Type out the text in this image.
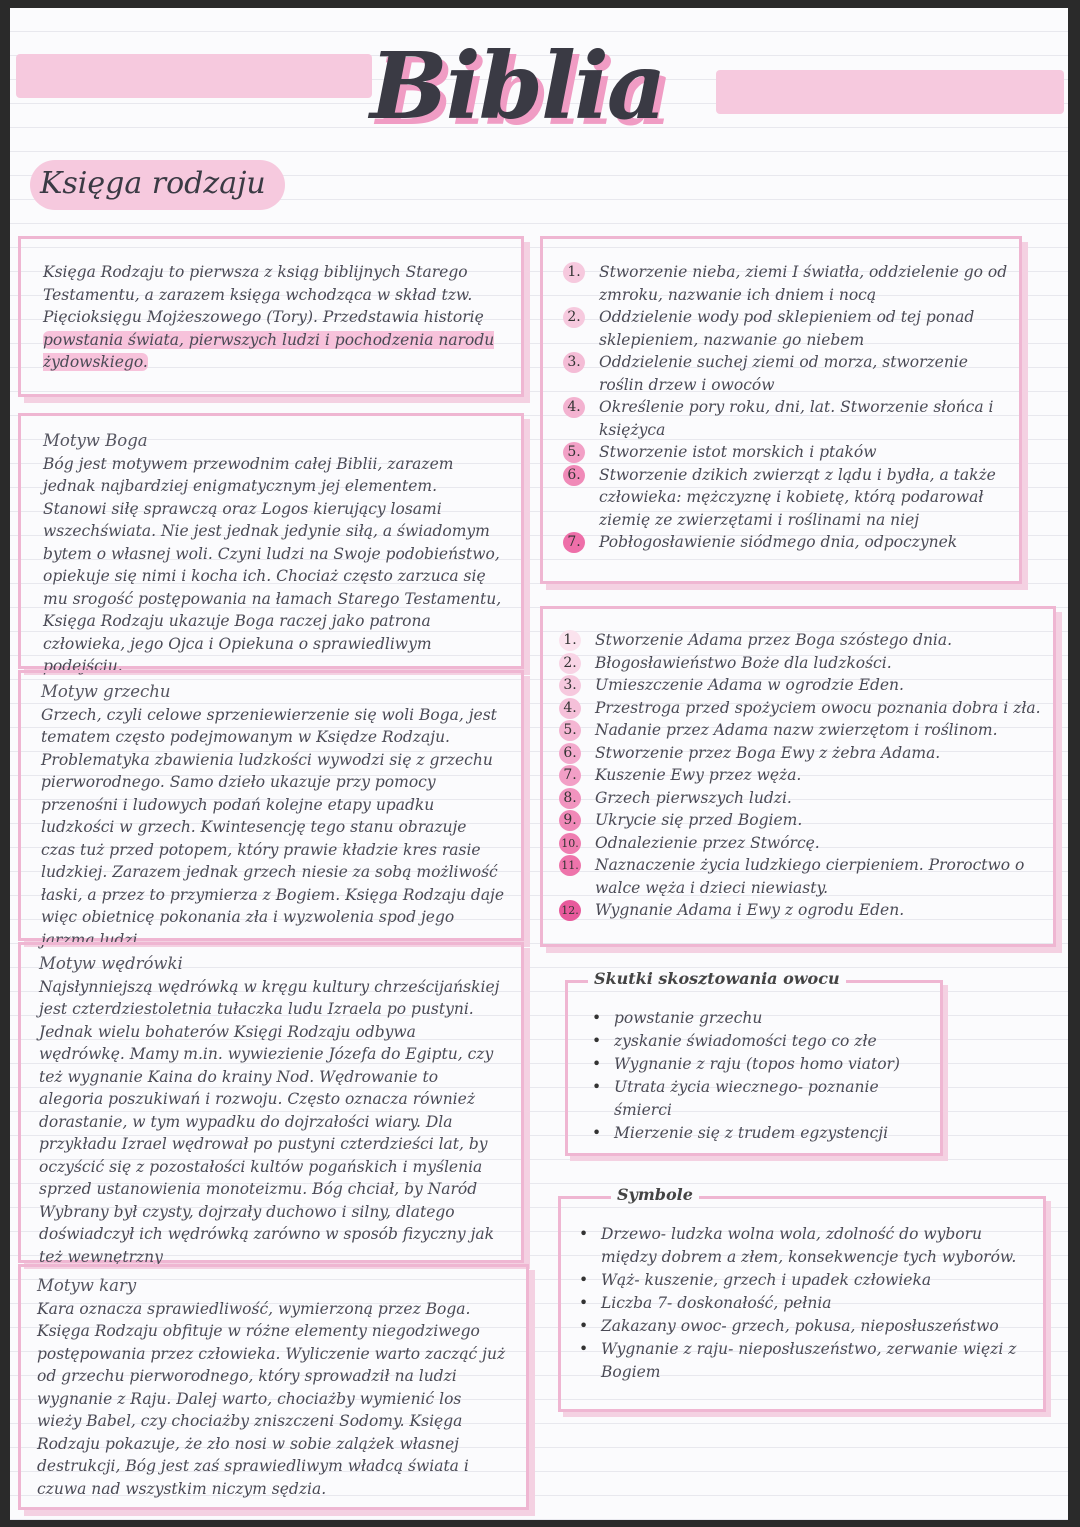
Biblia
Księga rodzaju
Księga Rodzaju to pierwsza z ksiąg biblijnych Starego Testamentu, a zarazem księga wchodząca w skład tzw. Pięcioksięgu Mojżeszowego (Tory). Przedstawia historię powstania świata, pierwszych ludzi i pochodzenia narodu żydowskiego.
Motyw Boga
Bóg jest motywem przewodnim całej Biblii, zarazem jednak najbardziej enigmatycznym jej elementem. Stanowi siłę sprawczą oraz Logos kierujący losami wszechświata. Nie jest jednak jedynie siłą, a świadomym bytem o własnej woli. Czyni ludzi na Swoje podobieństwo, opiekuje się nimi i kocha ich. Chociaż często zarzuca się mu srogość postępowania na łamach Starego Testamentu, Księga Rodzaju ukazuje Boga raczej jako patrona człowieka, jego Ojca i Opiekuna o sprawiedliwym podejściu.
Motyw grzechu
Grzech, czyli celowe sprzeniewierzenie się woli Boga, jest tematem często podejmowanym w Księdze Rodzaju. Problematyka zbawienia ludzkości wywodzi się z grzechu pierworodnego. Samo dzieło ukazuje przy pomocy przenośni i ludowych podań kolejne etapy upadku ludzkości w grzech. Kwintesencję tego stanu obrazuje czas tuż przed potopem, który prawie kładzie kres rasie ludzkiej. Zarazem jednak grzech niesie za sobą możliwość łaski, a przez to przymierza z Bogiem. Księga Rodzaju daje więc obietnicę pokonania zła i wyzwolenia spod jego jarzma ludzi.
Motyw wędrówki
Najsłynniejszą wędrówką w kręgu kultury chrześcijańskiej jest czterdziestoletnia tułaczka ludu Izraela po pustyni. Jednak wielu bohaterów Księgi Rodzaju odbywa wędrówkę. Mamy m.in. wywiezienie Józefa do Egiptu, czy też wygnanie Kaina do krainy Nod. Wędrowanie to alegoria poszukiwań i rozwoju. Często oznacza również dorastanie, w tym wypadku do dojrzałości wiary. Dla przykładu Izrael wędrował po pustyni czterdzieści lat, by oczyścić się z pozostałości kultów pogańskich i myślenia sprzed ustanowienia monoteizmu. Bóg chciał, by Naród Wybrany był czysty, dojrzały duchowo i silny, dlatego doświadczył ich wędrówką zarówno w sposób fizyczny jak też wewnętrzny
Motyw kary
Kara oznacza sprawiedliwość, wymierzoną przez Boga. Księga Rodzaju obfituje w różne elementy niegodziwego postępowania przez człowieka. Wyliczenie warto zacząć już od grzechu pierworodnego, który sprowadził na ludzi wygnanie z Raju. Dalej warto, chociażby wymienić los wieży Babel, czy chociażby zniszczeni Sodomy. Księga Rodzaju pokazuje, że zło nosi w sobie zalążek własnej destrukcji, Bóg jest zaś sprawiedliwym władcą świata i czuwa nad wszystkim niczym sędzia.
1. Stworzenie nieba, ziemi I światła, oddzielenie go od zmroku, nazwanie ich dniem i nocą
2. Oddzielenie wody pod sklepieniem od tej ponad sklepieniem, nazwanie go niebem
3. Oddzielenie suchej ziemi od morza, stworzenie roślin drzew i owoców
4. Określenie pory roku, dni, lat. Stworzenie słońca i księżyca
5. Stworzenie istot morskich i ptaków
6. Stworzenie dzikich zwierząt z lądu i bydła, a także człowieka: mężczyznę i kobietę, którą podarował ziemię ze zwierzętami i roślinami na niej
7. Pobłogosławienie siódmego dnia, odpoczynek
1. Stworzenie Adama przez Boga szóstego dnia.
2. Błogosławieństwo Boże dla ludzkości.
3. Umieszczenie Adama w ogrodzie Eden.
4. Przestroga przed spożyciem owocu poznania dobra i zła.
5. Nadanie przez Adama nazw zwierzętom i roślinom.
6. Stworzenie przez Boga Ewy z żebra Adama.
7. Kuszenie Ewy przez węża.
8. Grzech pierwszych ludzi.
9. Ukrycie się przed Bogiem.
10. Odnalezienie przez Stwórcę.
11. Naznaczenie życia ludzkiego cierpieniem. Proroctwo o walce węża i dzieci niewiasty.
12. Wygnanie Adama i Ewy z ogrodu Eden.
Skutki skosztowania owocu
• powstanie grzechu
• zyskanie świadomości tego co złe
• Wygnanie z raju (topos homo viator)
• Utrata życia wiecznego- poznanie śmierci
• Mierzenie się z trudem egzystencji
Symbole
• Drzewo- ludzka wolna wola, zdolność do wyboru między dobrem a złem, konsekwencje tych wyborów.
• Wąż- kuszenie, grzech i upadek człowieka
• Liczba 7- doskonałość, pełnia
• Zakazany owoc- grzech, pokusa, nieposłuszeństwo
• Wygnanie z raju- nieposłuszeństwo, zerwanie więzi z Bogiem
